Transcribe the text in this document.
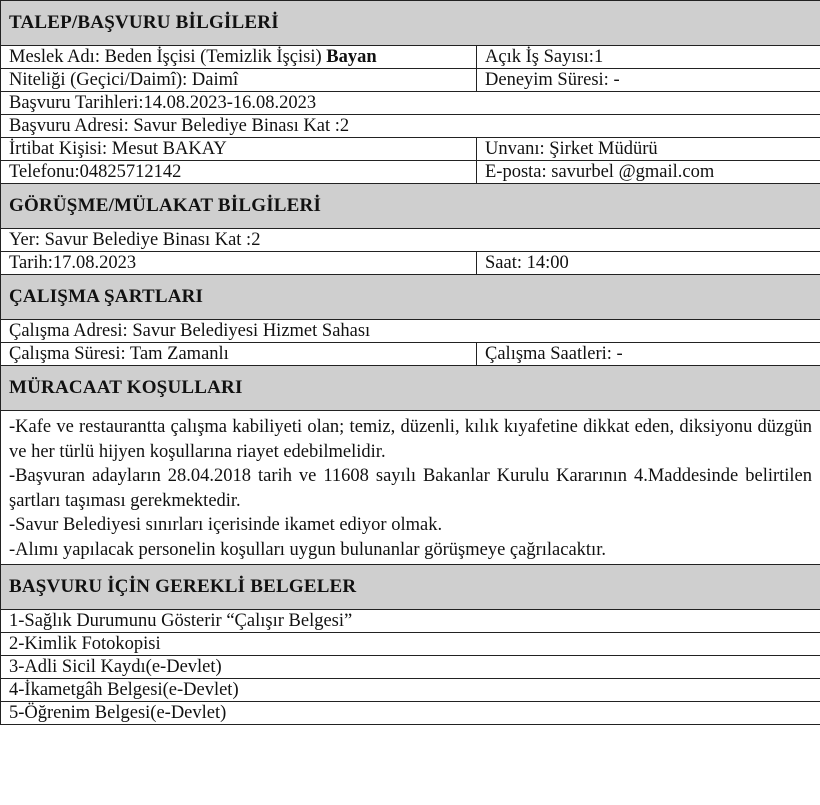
TALEP/BAŞVURU BİLGİLERİ	
Meslek Adı: Beden İşçisi (Temizlik İşçisi) Bayan	Açık İş Sayısı:1
Niteliği (Geçici/Daimî): Daimî	Deneyim Süresi: -
Başvuru Tarihleri:14.08.2023-16.08.2023	
Başvuru Adresi: Savur Belediye Binası Kat :2	
İrtibat Kişisi: Mesut BAKAY	Unvanı: Şirket Müdürü
Telefonu:04825712142	E-posta: savurbel @gmail.com
GÖRÜŞME/MÜLAKAT BİLGİLERİ	
Yer: Savur Belediye Binası Kat :2	
Tarih:17.08.2023	Saat: 14:00
ÇALIŞMA ŞARTLARI	
Çalışma Adresi: Savur Belediyesi Hizmet Sahası	
Çalışma Süresi: Tam Zamanlı	Çalışma Saatleri: -
MÜRACAAT KOŞULLARI	

-Kafe ve restaurantta çalışma kabiliyeti olan; temiz, düzenli, kılık kıyafetine dikkat eden, diksiyonu düzgün ve her türlü hijyen koşullarına riayet edebilmelidir.

-Başvuran adayların 28.04.2018 tarih ve 11608 sayılı Bakanlar Kurulu Kararının 4.Maddesinde belirtilen şartları taşıması gerekmektedir.

-Savur Belediyesi sınırları içerisinde ikamet ediyor olmak.

-Alımı yapılacak personelin koşulları uygun bulunanlar görüşmeye çağrılacaktır.	

BAŞVURU İÇİN GEREKLİ BELGELER	
1-Sağlık Durumunu Gösterir “Çalışır Belgesi”	
2-Kimlik Fotokopisi	
3-Adli Sicil Kaydı(e-Devlet)	
4-İkametgâh Belgesi(e-Devlet)	
5-Öğrenim Belgesi(e-Devlet)	
